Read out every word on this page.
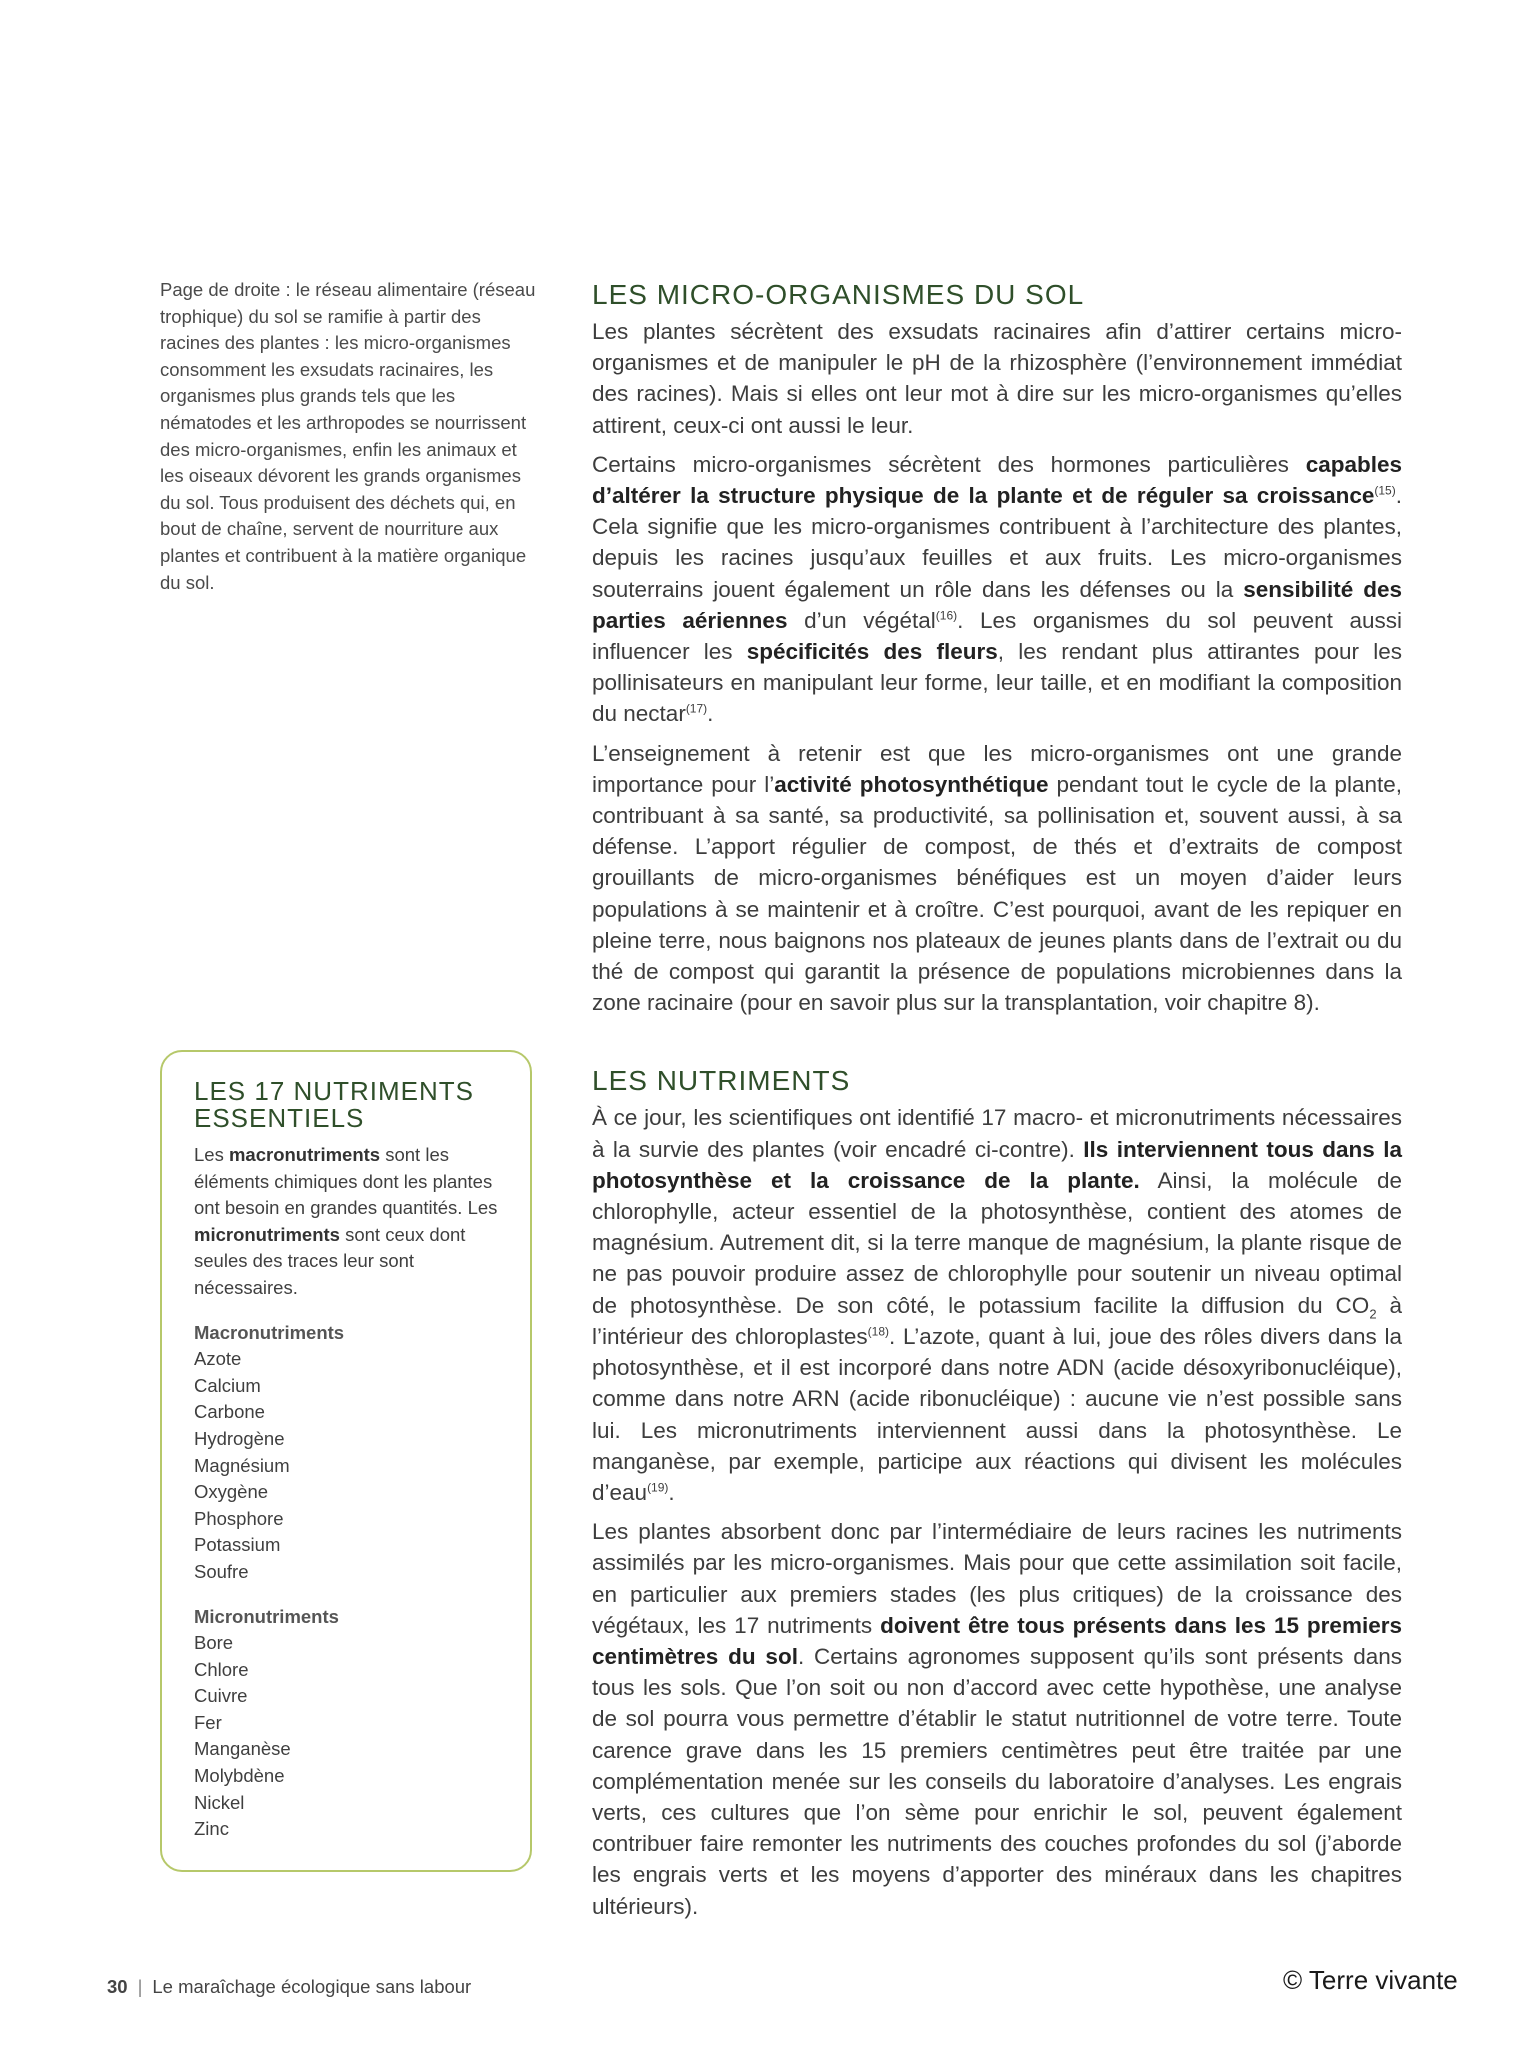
Page de droite : le réseau alimentaire (réseau trophique) du sol se ramifie à partir des racines des plantes : les micro-organismes consomment les exsudats racinaires, les organismes plus grands tels que les nématodes et les arthropodes se nourrissent des micro-organismes, enfin les animaux et les oiseaux dévorent les grands organismes du sol. Tous produisent des déchets qui, en bout de chaîne, servent de nourriture aux plantes et contribuent à la matière organique du sol.
LES MICRO-ORGANISMES DU SOL

Les plantes sécrètent des exsudats racinaires afin d’attirer certains micro-organismes et de manipuler le pH de la rhizosphère (l’environnement immédiat des racines). Mais si elles ont leur mot à dire sur les micro-organismes qu’elles attirent, ceux-ci ont aussi le leur.

Certains micro-organismes sécrètent des hormones particulières capables d’altérer la structure physique de la plante et de réguler sa croissance$^{(15)}$. Cela signifie que les micro-organismes contribuent à l’architecture des plantes, depuis les racines jusqu’aux feuilles et aux fruits. Les micro-organismes souterrains jouent également un rôle dans les défenses ou la sensibilité des parties aériennes d’un végétal$^{(16)}$. Les organismes du sol peuvent aussi influencer les spécificités des fleurs, les rendant plus attirantes pour les pollinisateurs en manipulant leur forme, leur taille, et en modifiant la composition du nectar$^{(17)}$.

L’enseignement à retenir est que les micro-organismes ont une grande importance pour l’activité photosynthétique pendant tout le cycle de la plante, contribuant à sa santé, sa productivité, sa pollinisation et, souvent aussi, à sa défense. L’apport régulier de compost, de thés et d’extraits de compost grouillants de micro-organismes bénéfiques est un moyen d’aider leurs populations à se maintenir et à croître. C’est pourquoi, avant de les repiquer en pleine terre, nous baignons nos plateaux de jeunes plants dans de l’extrait ou du thé de compost qui garantit la présence de populations microbiennes dans la zone racinaire (pour en savoir plus sur la transplantation, voir chapitre 8).

LES NUTRIMENTS

À ce jour, les scientifiques ont identifié 17 macro- et micronutriments nécessaires à la survie des plantes (voir encadré ci-contre). Ils interviennent tous dans la photosynthèse et la croissance de la plante. Ainsi, la molécule de chlorophylle, acteur essentiel de la photosynthèse, contient des atomes de magnésium. Autrement dit, si la terre manque de magnésium, la plante risque de ne pas pouvoir produire assez de chlorophylle pour soutenir un niveau optimal de photosynthèse. De son côté, le potassium facilite la diffusion du $CO_2$ à l’intérieur des chloroplastes$^{(18)}$. L’azote, quant à lui, joue des rôles divers dans la photosynthèse, et il est incorporé dans notre ADN (acide désoxyribonucléique), comme dans notre ARN (acide ribonucléique) : aucune vie n’est possible sans lui. Les micronutriments interviennent aussi dans la photosynthèse. Le manganèse, par exemple, participe aux réactions qui divisent les molécules d’eau$^{(19)}$.

Les plantes absorbent donc par l’intermédiaire de leurs racines les nutriments assimilés par les micro-organismes. Mais pour que cette assimilation soit facile, en particulier aux premiers stades (les plus critiques) de la croissance des végétaux, les 17 nutriments doivent être tous présents dans les 15 premiers centimètres du sol. Certains agronomes supposent qu’ils sont présents dans tous les sols. Que l’on soit ou non d’accord avec cette hypothèse, une analyse de sol pourra vous permettre d’établir le statut nutritionnel de votre terre. Toute carence grave dans les 15 premiers centimètres peut être traitée par une complémentation menée sur les conseils du laboratoire d’analyses. Les engrais verts, ces cultures que l’on sème pour enrichir le sol, peuvent également contribuer faire remonter les nutriments des couches profondes du sol (j’aborde les engrais verts et les moyens d’apporter des minéraux dans les chapitres ultérieurs).

LES 17 NUTRIMENTS ESSENTIELS

Les macronutriments sont les éléments chimiques dont les plantes ont besoin en grandes quantités. Les micronutriments sont ceux dont seules des traces leur sont nécessaires.

Macronutriments
Azote
Calcium
Carbone
Hydrogène
Magnésium
Oxygène
Phosphore
Potassium
Soufre
Micronutriments
Bore
Chlore
Cuivre
Fer
Manganèse
Molybdène
Nickel
Zinc
30 | Le maraîchage écologique sans labour	© Terre vivante
